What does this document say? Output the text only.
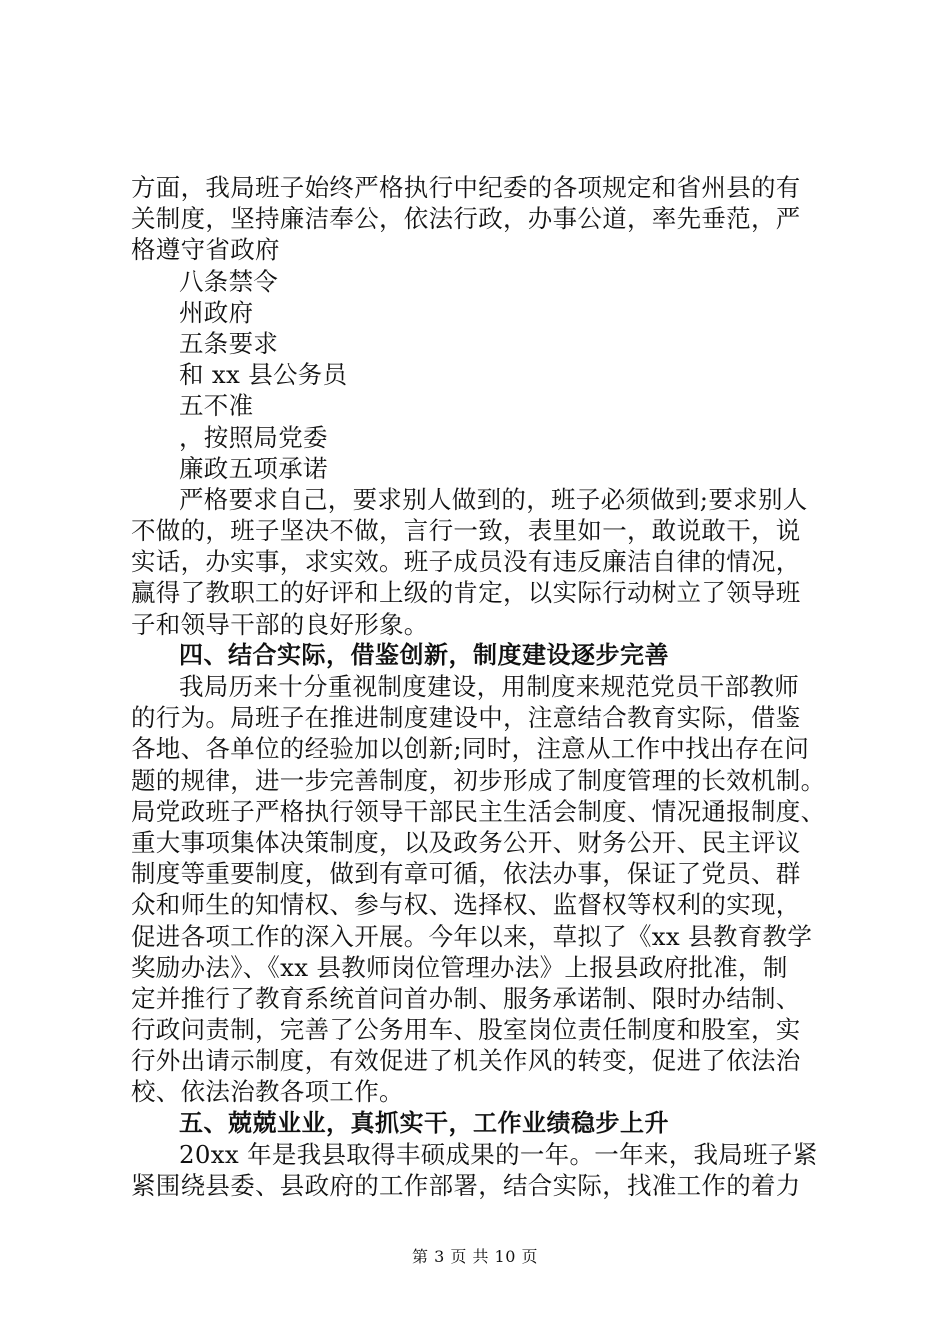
方面，我局班子始终严格执行中纪委的各项规定和省州县的有
关制度，坚持廉洁奉公，依法行政，办事公道，率先垂范，严
格遵守省政府
八条禁令
州政府
五条要求
和 xx 县公务员
五不准
，按照局党委
廉政五项承诺
严格要求自己，要求别人做到的，班子必须做到;要求别人
不做的，班子坚决不做，言行一致，表里如一，敢说敢干，说
实话，办实事，求实效。班子成员没有违反廉洁自律的情况，
赢得了教职工的好评和上级的肯定，以实际行动树立了领导班
子和领导干部的良好形象。
四、结合实际，借鉴创新，制度建设逐步完善
我局历来十分重视制度建设，用制度来规范党员干部教师
的行为。局班子在推进制度建设中，注意结合教育实际，借鉴
各地、各单位的经验加以创新;同时，注意从工作中找出存在问
题的规律，进一步完善制度，初步形成了制度管理的长效机制。
局党政班子严格执行领导干部民主生活会制度、情况通报制度、
重大事项集体决策制度，以及政务公开、财务公开、民主评议
制度等重要制度，做到有章可循，依法办事，保证了党员、群
众和师生的知情权、参与权、选择权、监督权等权利的实现，
促进各项工作的深入开展。今年以来，草拟了《xx 县教育教学
奖励办法》、《xx 县教师岗位管理办法》上报县政府批准，制
定并推行了教育系统首问首办制、服务承诺制、限时办结制、
行政问责制，完善了公务用车、股室岗位责任制度和股室，实
行外出请示制度，有效促进了机关作风的转变，促进了依法治
校、依法治教各项工作。
五、兢兢业业，真抓实干，工作业绩稳步上升
20xx 年是我县取得丰硕成果的一年。一年来，我局班子紧
紧围绕县委、县政府的工作部署，结合实际，找准工作的着力
第 3 页 共 10 页
